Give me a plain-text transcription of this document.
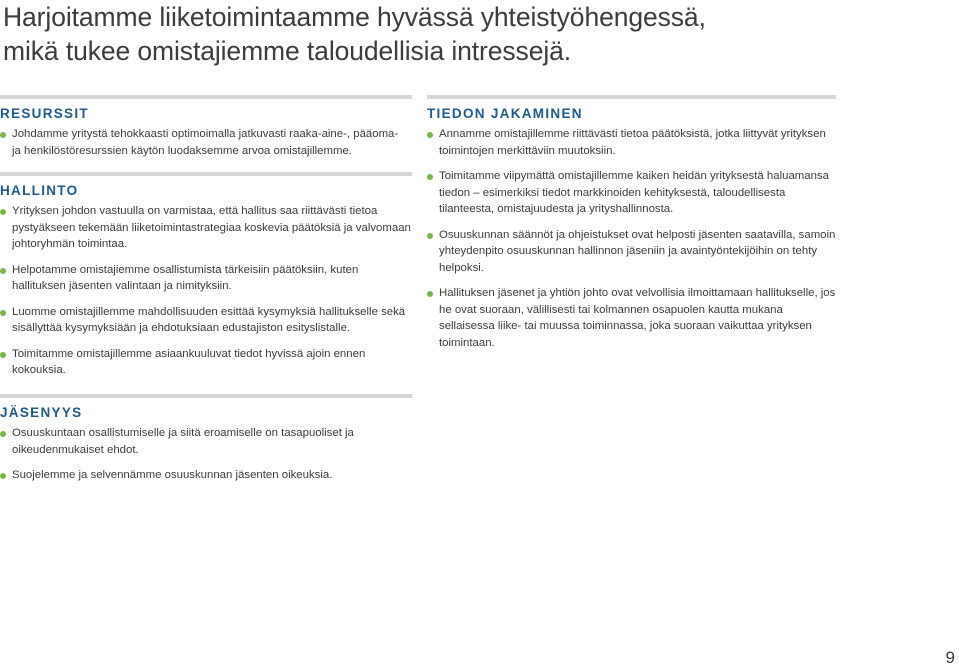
Harjoitamme liiketoimintaamme hyvässä yhteistyöhengessä,
mikä tukee omistajiemme taloudellisia intressejä.
RESURSSIT
Johdamme yritystä tehokkaasti optimoimalla jatkuvasti raaka-aine-, pääoma- ja henkilöstöresurssien käytön luodaksemme arvoa omistajillemme.
HALLINTO
Yrityksen johdon vastuulla on varmistaa, että hallitus saa riittävästi tietoa pystyäkseen tekemään liiketoimintastrategiaa koskevia päätöksiä ja valvomaan johtoryhmän toimintaa.
Helpotamme omistajiemme osallistumista tärkeisiin päätöksiin, kuten hallituksen jäsenten valintaan ja nimityksiin.
Luomme omistajillemme mahdollisuuden esittää kysymyksiä hallitukselle sekä sisällyttää kysymyksiään ja ehdotuksiaan edustajiston esityslistalle.
Toimitamme omistajillemme asiaankuuluvat tiedot hyvissä ajoin ennen kokouksia.
TIEDON JAKAMINEN
Annamme omistajillemme riittävästi tietoa päätöksistä, jotka liittyvät yrityksen toimintojen merkittäviin muutoksiin.
Toimitamme viipymättä omistajillemme kaiken heidän yrityksestä haluamansa tiedon – esimerkiksi tiedot markkinoiden kehityksestä, taloudellisesta tilanteesta, omistajuudesta ja yrityshallinnosta.
Osuuskunnan säännöt ja ohjeistukset ovat helposti jäsenten saatavilla, samoin yhteydenpito osuuskunnan hallinnon jäseniin ja avaintyöntekijöihin on tehty helpoksi.
Hallituksen jäsenet ja yhtiön johto ovat velvollisia ilmoittamaan hallitukselle, jos he ovat suoraan, välillisesti tai kolmannen osapuolen kautta mukana sellaisessa liike- tai muussa toiminnassa, joka suoraan vaikuttaa yrityksen toimintaan.
JÄSENYYS
Osuuskuntaan osallistumiselle ja siitä eroamiselle on tasapuoliset ja oikeudenmukaiset ehdot.
Suojelemme ja selvennämme osuuskunnan jäsenten oikeuksia.
9
